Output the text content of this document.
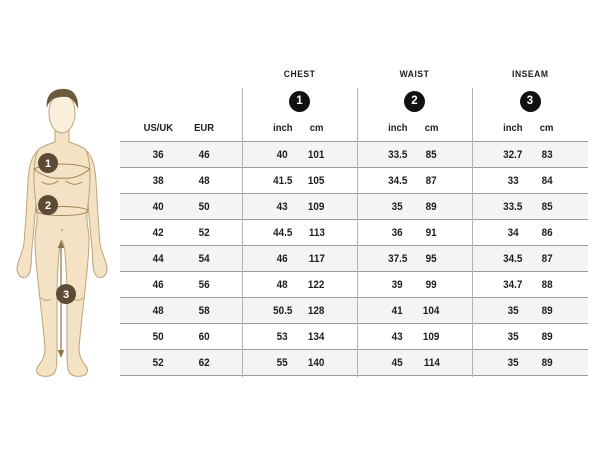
1
2
3
CHEST	WAIST	INSEAM
1	2	3
US/UK	EUR	inch	cm	inch	cm	inch	cm
36	46	40	101	33.5	85	32.7	83
38	48	41.5	105	34.5	87	33	84
40	50	43	109	35	89	33.5	85
42	52	44.5	113	36	91	34	86
44	54	46	117	37.5	95	34.5	87
46	56	48	122	39	99	34.7	88
48	58	50.5	128	41	104	35	89
50	60	53	134	43	109	35	89
52	62	55	140	45	114	35	89
